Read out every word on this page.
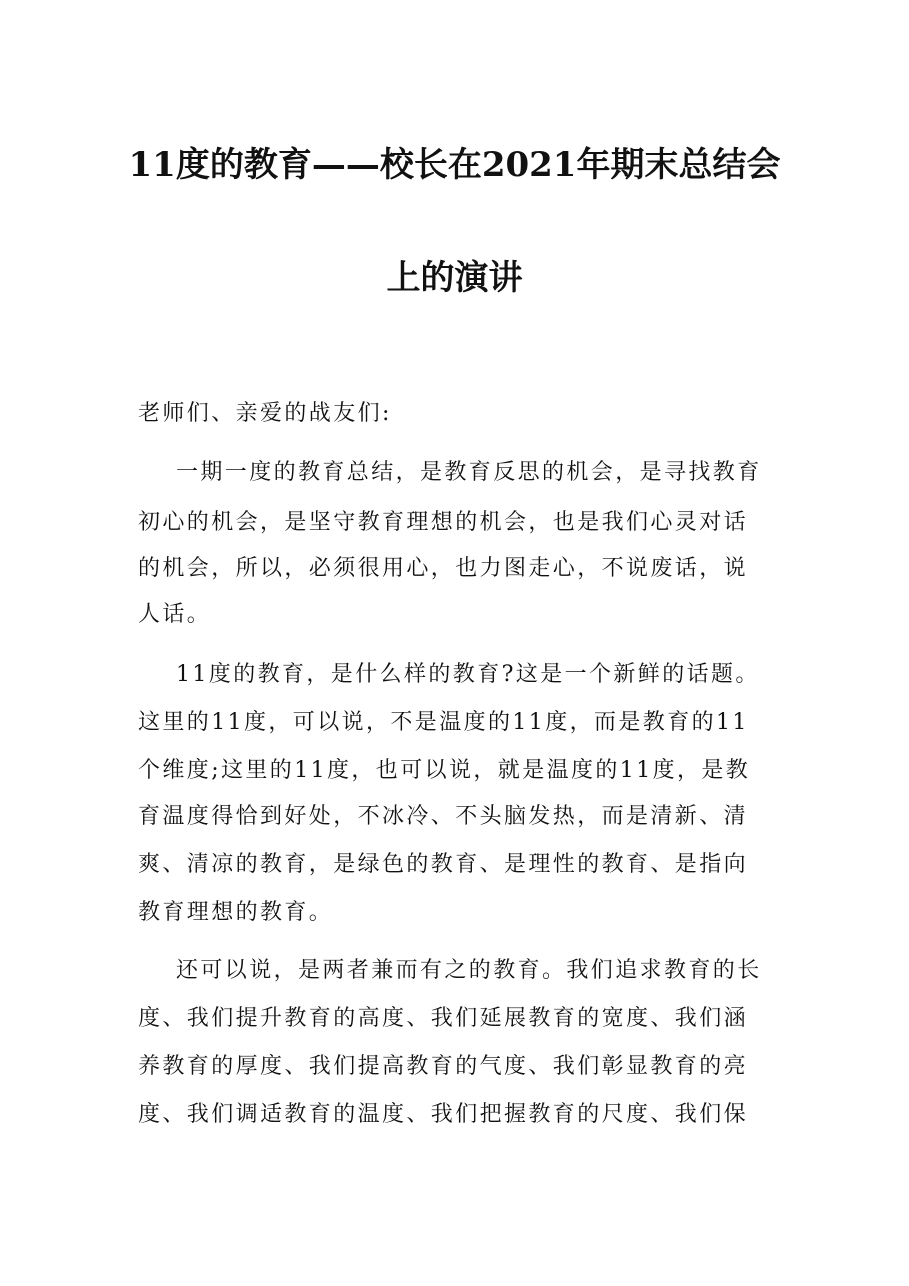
11度的教育——校长在2021年期末总结会
上的演讲
老师们、亲爱的战友们:
一期一度的教育总结，是教育反思的机会，是寻找教育
初心的机会，是坚守教育理想的机会，也是我们心灵对话
的机会，所以，必须很用心，也力图走心，不说废话，说
人话。
11度的教育，是什么样的教育?这是一个新鲜的话题。
这里的11度，可以说，不是温度的11度，而是教育的11
个维度;这里的11度，也可以说，就是温度的11度，是教
育温度得恰到好处，不冰冷、不头脑发热，而是清新、清
爽、清凉的教育，是绿色的教育、是理性的教育、是指向
教育理想的教育。
还可以说，是两者兼而有之的教育。我们追求教育的长
度、我们提升教育的高度、我们延展教育的宽度、我们涵
养教育的厚度、我们提高教育的气度、我们彰显教育的亮
度、我们调适教育的温度、我们把握教育的尺度、我们保
